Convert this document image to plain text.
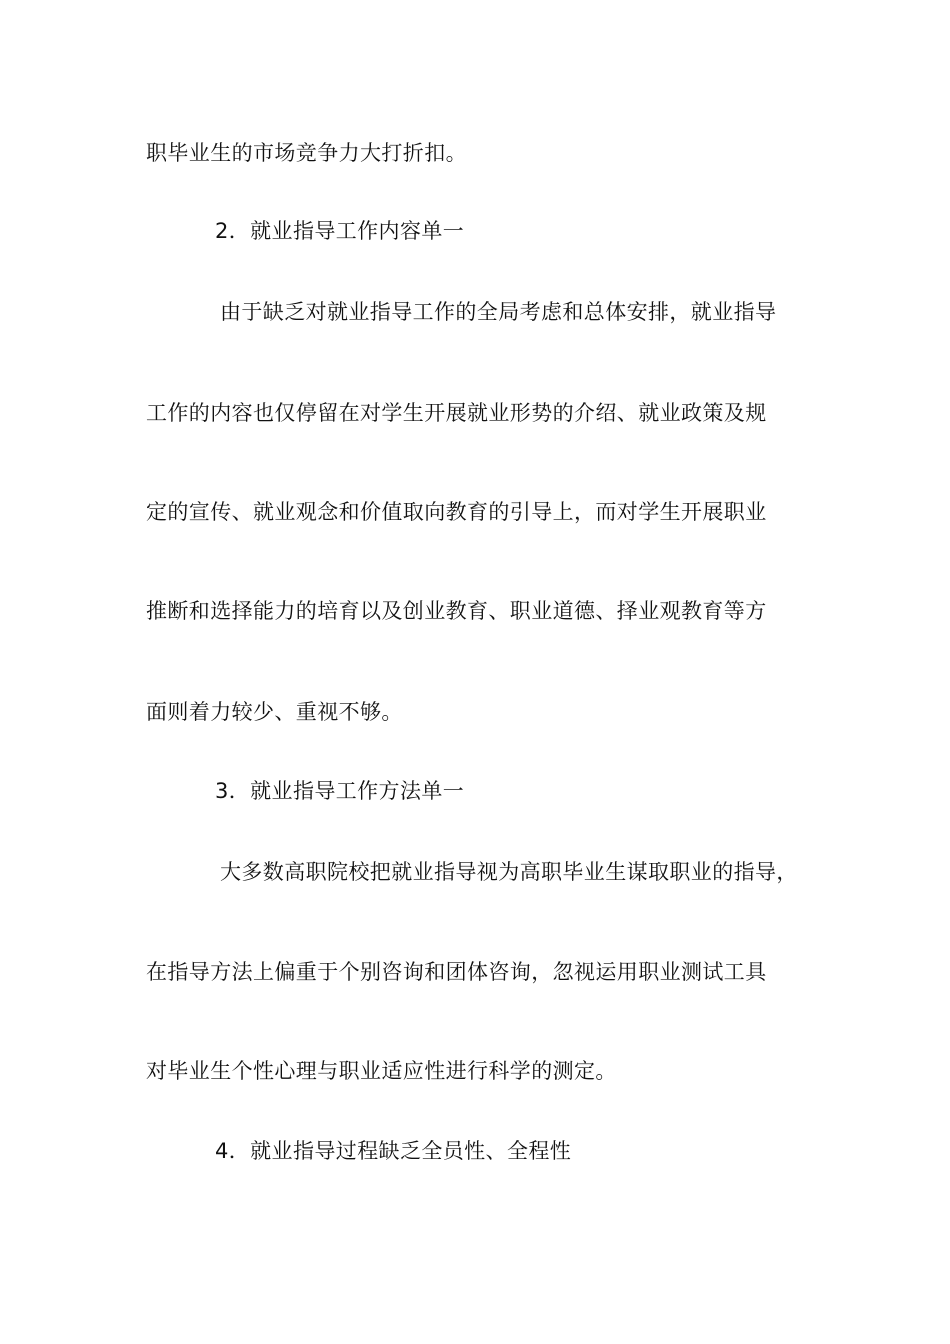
职毕业生的市场竞争力大打折扣。
2．就业指导工作内容单一
由于缺乏对就业指导工作的全局考虑和总体安排，就业指导
工作的内容也仅停留在对学生开展就业形势的介绍、就业政策及规
定的宣传、就业观念和价值取向教育的引导上，而对学生开展职业
推断和选择能力的培育以及创业教育、职业道德、择业观教育等方
面则着力较少、重视不够。
3．就业指导工作方法单一
大多数高职院校把就业指导视为高职毕业生谋取职业的指导，
在指导方法上偏重于个别咨询和团体咨询，忽视运用职业测试工具
对毕业生个性心理与职业适应性进行科学的测定。
4．就业指导过程缺乏全员性、全程性
